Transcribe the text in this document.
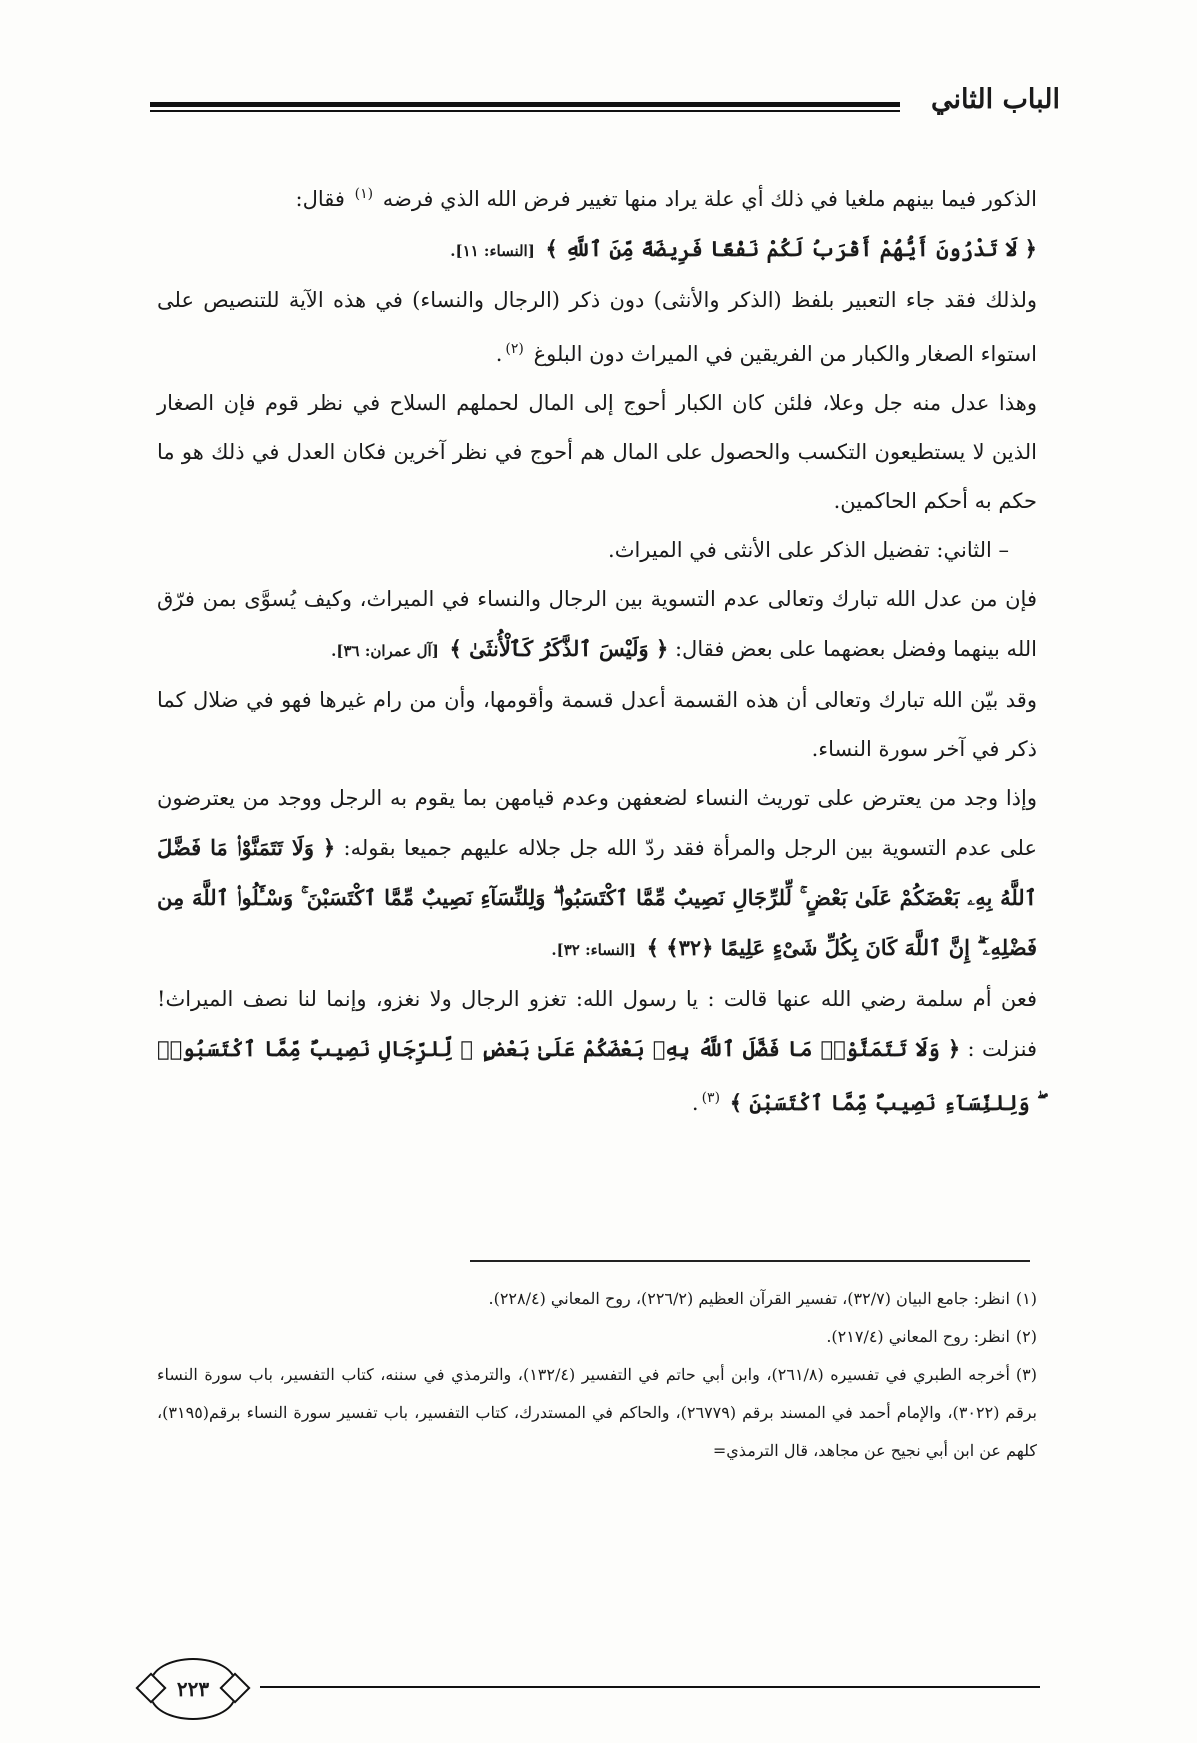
الباب الثاني

الذكور فيما بينهم ملغيا في ذلك أي علة يراد منها تغيير فرض الله الذي فرضه $^{(١)}$ فقال:

﴿ لَا تَدْرُونَ أَيُّهُمْ أَقْرَبُ لَكُمْ نَفْعًا فَرِيضَةً مِّنَ ٱللَّهِ ﴾ [النساء: ١١].

ولذلك فقد جاء التعبير بلفظ (الذكر والأنثى) دون ذكر (الرجال والنساء) في هذه الآية للتنصيص على استواء الصغار والكبار من الفريقين في الميراث دون البلوغ $^{(٢)}$.

وهذا عدل منه جل وعلا، فلئن كان الكبار أحوج إلى المال لحملهم السلاح في نظر قوم فإن الصغار الذين لا يستطيعون التكسب والحصول على المال هم أحوج في نظر آخرين فكان العدل في ذلك هو ما حكم به أحكم الحاكمين.

– الثاني: تفضيل الذكر على الأنثى في الميراث.

فإن من عدل الله تبارك وتعالى عدم التسوية بين الرجال والنساء في الميراث، وكيف يُسوَّى بمن فرّق الله بينهما وفضل بعضهما على بعض فقال: ﴿ وَلَيْسَ ٱلذَّكَرُ كَٱلْأُنثَىٰ ﴾ [آل عمران: ٣٦].

وقد بيّن الله تبارك وتعالى أن هذه القسمة أعدل قسمة وأقومها، وأن من رام غيرها فهو في ضلال كما ذكر في آخر سورة النساء.

وإذا وجد من يعترض على توريث النساء لضعفهن وعدم قيامهن بما يقوم به الرجل ووجد من يعترضون على عدم التسوية بين الرجل والمرأة فقد ردّ الله جل جلاله عليهم جميعا بقوله: ﴿ وَلَا تَتَمَنَّوْا۟ مَا فَضَّلَ ٱللَّهُ بِهِۦ بَعْضَكُمْ عَلَىٰ بَعْضٍ ۚ لِّلرِّجَالِ نَصِيبٌ مِّمَّا ٱكْتَسَبُوا۟ ۖ وَلِلنِّسَآءِ نَصِيبٌ مِّمَّا ٱكْتَسَبْنَ ۚ وَسْـَٔلُوا۟ ٱللَّهَ مِن فَضْلِهِۦٓ ۗ إِنَّ ٱللَّهَ كَانَ بِكُلِّ شَىْءٍ عَلِيمًا ﴿٣٢﴾ ﴾ [النساء: ٣٢].

فعن أم سلمة رضي الله عنها قالت : يا رسول الله: تغزو الرجال ولا نغزو، وإنما لنا نصف الميراث! فنزلت : ﴿ وَلَا تَتَمَنَّوْا۟ مَا فَضَّلَ ٱللَّهُ بِهِۦ بَعْضَكُمْ عَلَىٰ بَعْضٍ ۚ لِّلرِّجَالِ نَصِيبٌ مِّمَّا ٱكْتَسَبُوا۟ ۖ وَلِلنِّسَآءِ نَصِيبٌ مِّمَّا ٱكْتَسَبْنَ ﴾ $^{(٣)}$.

(١)انظر: جامع البيان (٣٢/٧)، تفسير القرآن العظيم (٢٢٦/٢)، روح المعاني (٢٢٨/٤).

(٢)انظر: روح المعاني (٢١٧/٤).

(٣)أخرجه الطبري في تفسيره (٢٦١/٨)، وابن أبي حاتم في التفسير (١٣٢/٤)، والترمذي في سننه، كتاب التفسير، باب سورة النساء برقم (٣٠٢٢)، والإمام أحمد في المسند برقم (٢٦٧٧٩)، والحاكم في المستدرك، كتاب التفسير، باب تفسير سورة النساء برقم(٣١٩٥)، كلهم عن ابن أبي نجيح عن مجاهد، قال الترمذي=

٢٢٣
